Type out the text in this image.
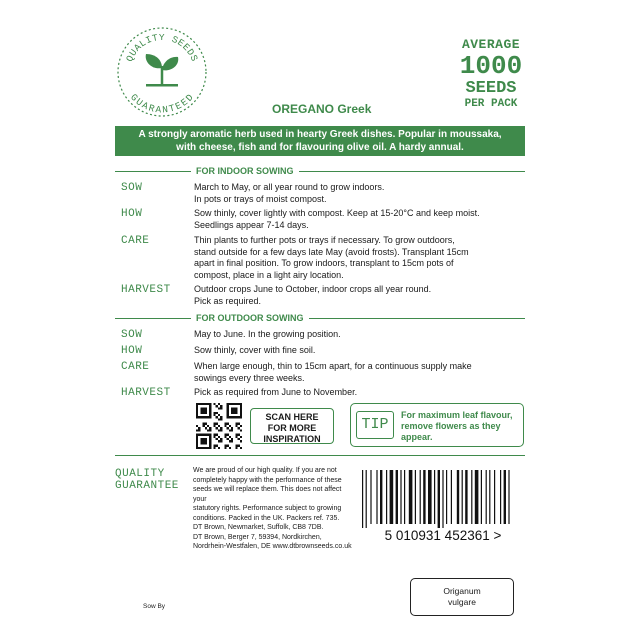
QUALITY SEEDS
GUARANTEED
AVERAGE
1000
SEEDS
PER PACK
OREGANO Greek
A strongly aromatic herb used in hearty Greek dishes. Popular in moussaka,
with cheese, fish and for flavouring olive oil. A hardy annual.
FOR INDOOR SOWING
SOW	March to May, or all year round to grow indoors.
In pots or trays of moist compost.
HOW	Sow thinly, cover lightly with compost. Keep at 15-20°C and keep moist.
Seedlings appear 7-14 days.
CARE	Thin plants to further pots or trays if necessary. To grow outdoors,
stand outside for a few days late May (avoid frosts). Transplant 15cm
apart in final position. To grow indoors, transplant to 15cm pots of
compost, place in a light airy location.
HARVEST	Outdoor crops June to October, indoor crops all year round.
Pick as required.
FOR OUTDOOR SOWING
SOW	May to June. In the growing position.
HOW	Sow thinly, cover with fine soil.
CARE	When large enough, thin to 15cm apart, for a continuous supply make
sowings every three weeks.
HARVEST	Pick as required from June to November.
SCAN HERE
FOR MORE
INSPIRATION
TIP
For maximum leaf flavour,
remove flowers as they
appear.
QUALITY
GUARANTEE

We are proud of our high quality. If you are not

completely happy with the performance of these

seeds we will replace them. This does not affect your

statutory rights. Performance subject to growing

conditions. Packed in the UK. Packers ref. 735.

DT Brown, Newmarket, Suffolk, CB8 7DB.

DT Brown, Berger 7, 59394, Nordkirchen,

Nordrhein-Westfalen, DE www.dtbrownseeds.co.uk

5 010931 452361 >
Origanum
vulgare
Sow By
